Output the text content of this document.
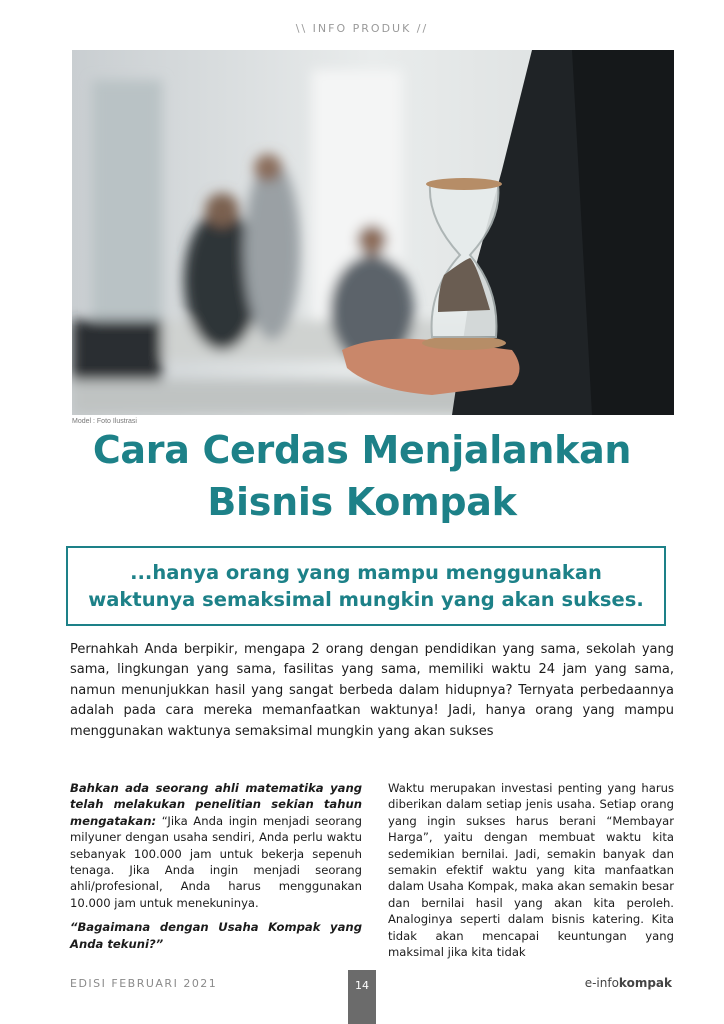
\\ INFO PRODUK //
Model : Foto Ilustrasi
Cara Cerdas Menjalankan
Bisnis Kompak
...hanya orang yang mampu menggunakan waktunya semaksimal mungkin yang akan sukses.
Pernahkah Anda berpikir, mengapa 2 orang dengan pendidikan yang sama, sekolah yang sama, lingkungan yang sama, fasilitas yang sama, memiliki waktu 24 jam yang sama, namun menunjukkan hasil yang sangat berbeda dalam hidupnya? Ternyata perbedaannya adalah pada cara mereka memanfaatkan waktunya! Jadi, hanya orang yang mampu menggunakan waktunya semaksimal mungkin yang akan sukses

Bahkan ada seorang ahli matematika yang telah melakukan penelitian sekian tahun mengatakan: “Jika Anda ingin menjadi seorang milyuner dengan usaha sendiri, Anda perlu waktu sebanyak 100.000 jam untuk bekerja sepenuh tenaga. Jika Anda ingin menjadi seorang ahli/profesional, Anda harus menggunakan 10.000 jam untuk menekuninya.

“Bagaimana dengan Usaha Kompak yang Anda tekuni?”

Waktu merupakan investasi penting yang harus diberikan dalam setiap jenis usaha. Setiap orang yang ingin sukses harus berani “Membayar Harga”, yaitu dengan membuat waktu kita sedemikian bernilai. Jadi, semakin banyak dan semakin efektif waktu yang kita manfaatkan dalam Usaha Kompak, maka akan semakin besar dan bernilai hasil yang akan kita peroleh. Analoginya seperti dalam bisnis katering. Kita tidak akan mencapai keuntungan yang maksimal jika kita tidak

EDISI FEBRUARI 2021	14	e-infokompak
